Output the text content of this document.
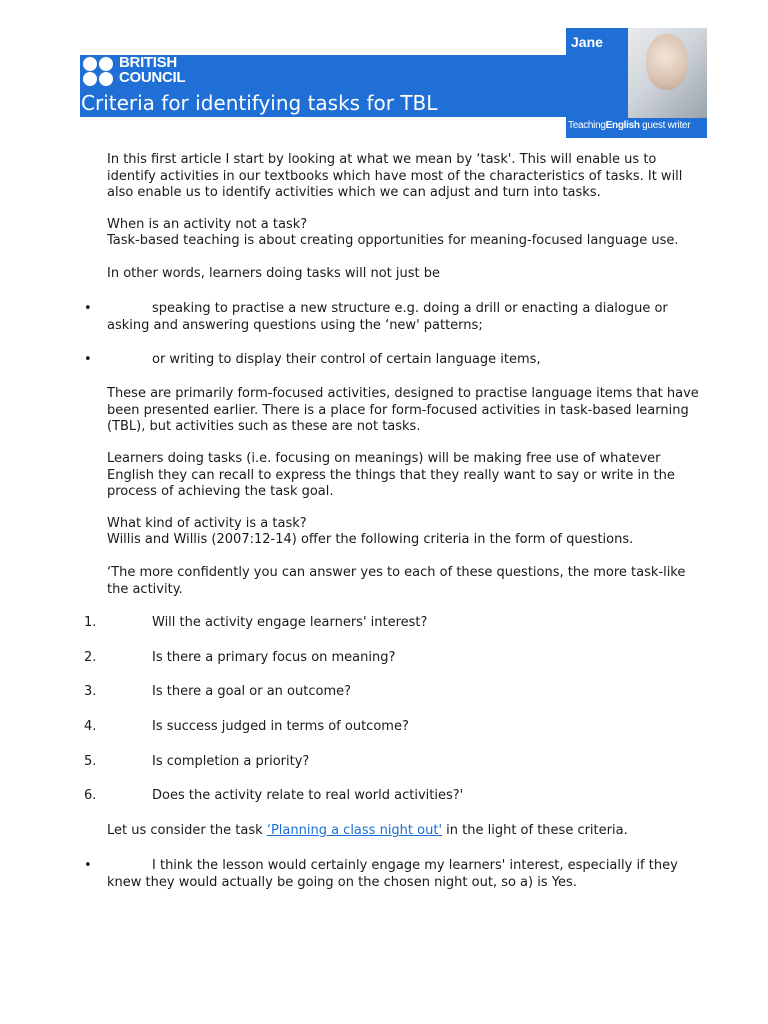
BRITISH
COUNCIL
Criteria for identifying tasks for TBL
Jane
TeachingEnglish guest writer

In this first article I start by looking at what we mean by ‘task'. This will enable us to identify activities in our textbooks which have most of the characteristics of tasks. It will also enable us to identify activities which we can adjust and turn into tasks.

When is an activity not a task?

Task-based teaching is about creating opportunities for meaning-focused language use.

In other words, learners doing tasks will not just be

•	speaking to practise a new structure e.g. doing a drill or enacting a dialogue or asking and answering questions using the ‘new' patterns;

•	or writing to display their control of certain language items,

These are primarily form-focused activities, designed to practise language items that have been presented earlier. There is a place for form-focused activities in task-based learning (TBL), but activities such as these are not tasks.

Learners doing tasks (i.e. focusing on meanings) will be making free use of whatever English they can recall to express the things that they really want to say or write in the process of achieving the task goal.

What kind of activity is a task?

Willis and Willis (2007:12-14) offer the following criteria in the form of questions.

‘The more confidently you can answer yes to each of these questions, the more task-like the activity.

1.	Will the activity engage learners' interest?
2.	Is there a primary focus on meaning?
3.	Is there a goal or an outcome?
4.	Is success judged in terms of outcome?
5.	Is completion a priority?
6.	Does the activity relate to real world activities?'

Let us consider the task ‘Planning a class night out' in the light of these criteria.

•	I think the lesson would certainly engage my learners' interest, especially if they knew they would actually be going on the chosen night out, so a) is Yes.
